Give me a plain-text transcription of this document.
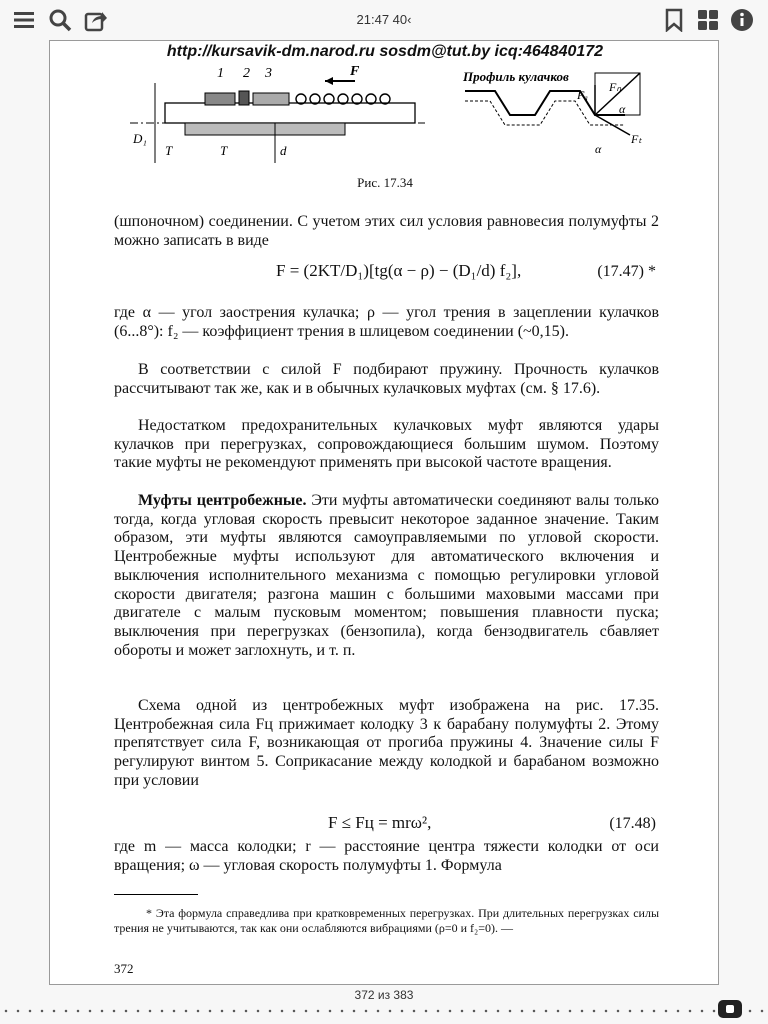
21:47 40‹
http://kursavik-dm.narod.ru sosdm@tut.by icq:464840172
1 2 3	F
D₁
T	T	d
Профиль кулачков
Fₐ
Fₙ
α
Fₜ
α
Рис. 17.34

(шпоночном) соединении. С учетом этих сил условия равновесия полумуфты 2 можно записать в виде

F = (2KT/D₁)[tg(α − ρ) − (D₁/d) f₂],	(17.47) *

где α — угол заострения кулачка; ρ — угол трения в зацеплении кулачков (6...8°): f₂ — коэффициент трения в шлицевом соединении (~0,15).

В соответствии с силой F подбирают пружину. Прочность кулачков рассчитывают так же, как и в обычных кулачковых муфтах (см. § 17.6).

Недостатком предохранительных кулачковых муфт являются удары кулачков при перегрузках, сопровождающиеся большим шумом. Поэтому такие муфты не рекомендуют применять при высокой частоте вращения.

Муфты центробежные. Эти муфты автоматически соединяют валы только тогда, когда угловая скорость превысит некоторое заданное значение. Таким образом, эти муфты являются самоуправляемыми по угловой скорости. Центробежные муфты используют для автоматического включения и выключения исполнительного механизма с помощью регулировки угловой скорости двигателя; разгона машин с большими маховыми массами при двигателе с малым пусковым моментом; повышения плавности пуска; выключения при перегрузках (бензопила), когда бензодвигатель сбавляет обороты и может заглохнуть, и т. п.

Схема одной из центробежных муфт изображена на рис. 17.35. Центробежная сила Fц прижимает колодку 3 к барабану полумуфты 2. Этому препятствует сила F, возникающая от прогиба пружины 4. Значение силы F регулируют винтом 5. Соприкасание между колодкой и барабаном возможно при условии

F ≤ Fц = mrω²,	(17.48)

где m — масса колодки; r — расстояние центра тяжести колодки от оси вращения; ω — угловая скорость полумуфты 1. Формула

* Эта формула справедлива при кратковременных перегрузках. При длительных перегрузках силы трения не учитываются, так как они ослабляются вибрациями (ρ=0 и f₂=0). —
372
372 из 383
